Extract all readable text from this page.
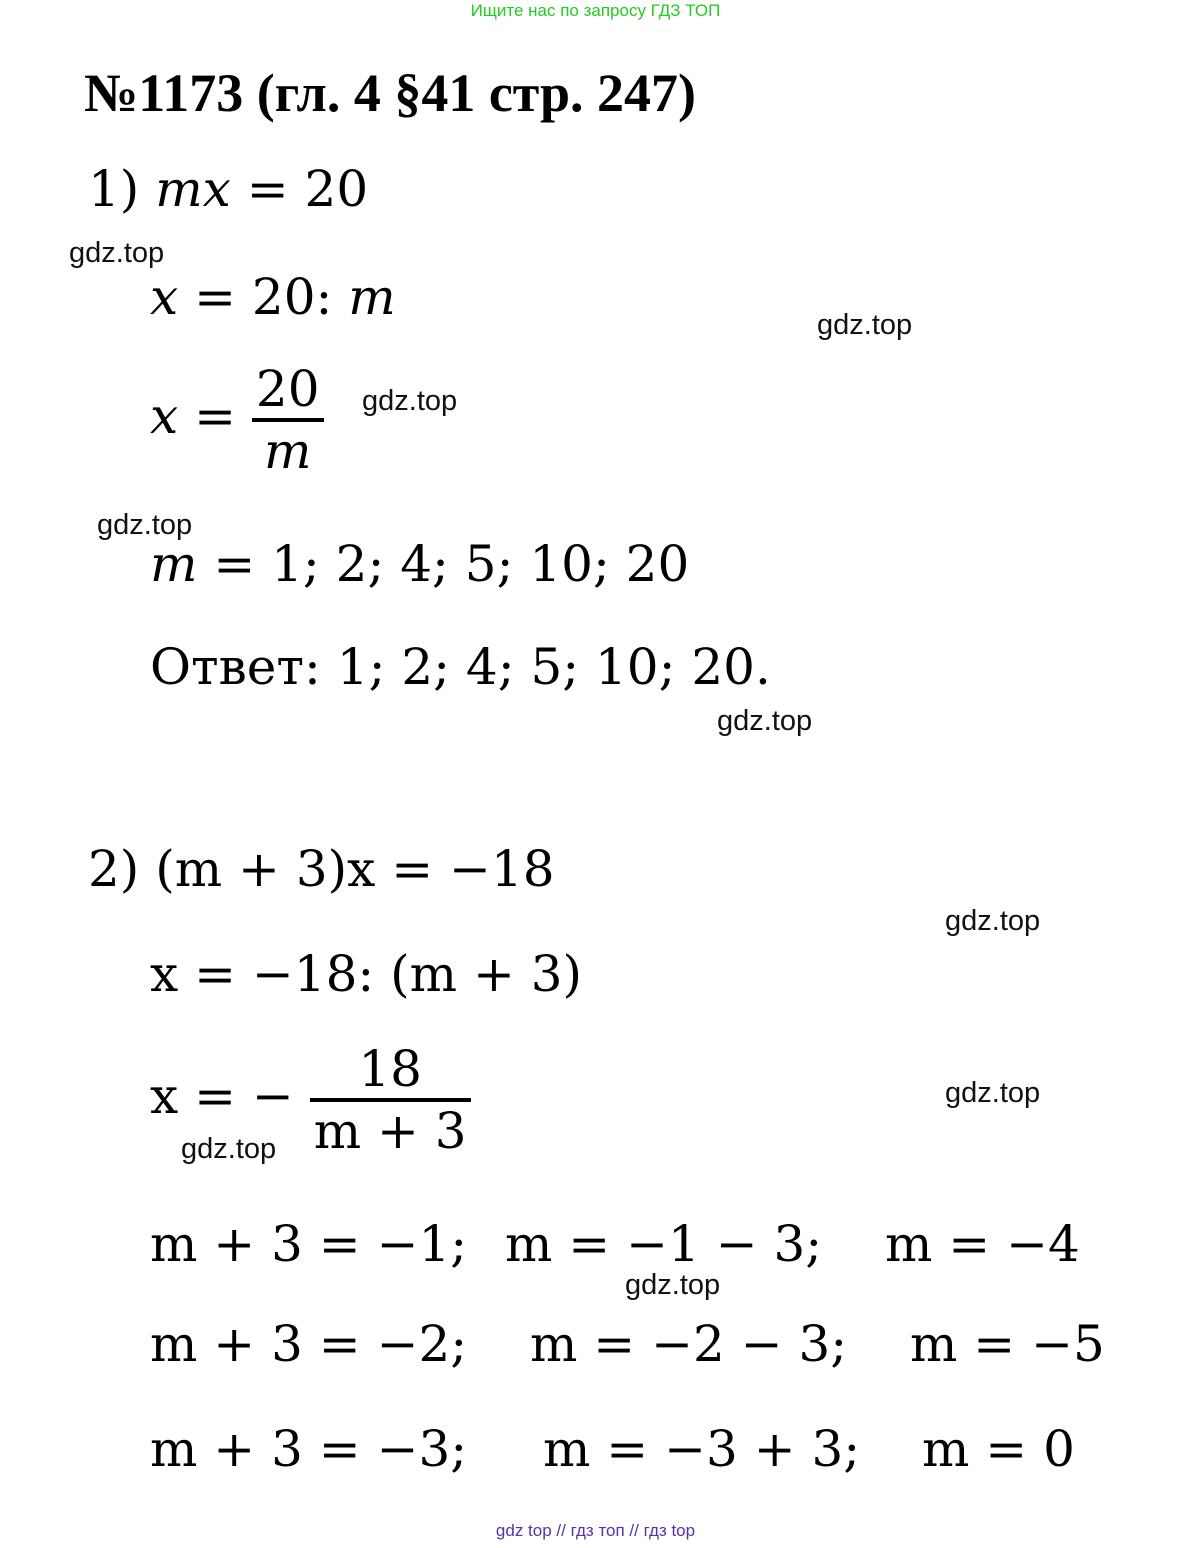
Ищите нас по запросу ГДЗ ТОП
№1173 (гл. 4 §41 стр. 247)
1) mx = 20
x = 20: m
$x = \frac{20}{m}$
m = 1; 2; 4; 5; 10; 20
Ответ: 1; 2; 4; 5; 10; 20.
2) (m + 3)x = −18
x = −18: (m + 3)
x = − $\frac{18}{m + 3}$
m + 3 = −1; m = −1 − 3; m = −4
m + 3 = −2; m = −2 − 3; m = −5
m + 3 = −3; m = −3 + 3; m = 0
gdz.top
gdz.top
gdz.top
gdz.top
gdz.top
gdz.top
gdz.top
gdz.top
gdz.top
gdz top // гдз топ // гдз top
